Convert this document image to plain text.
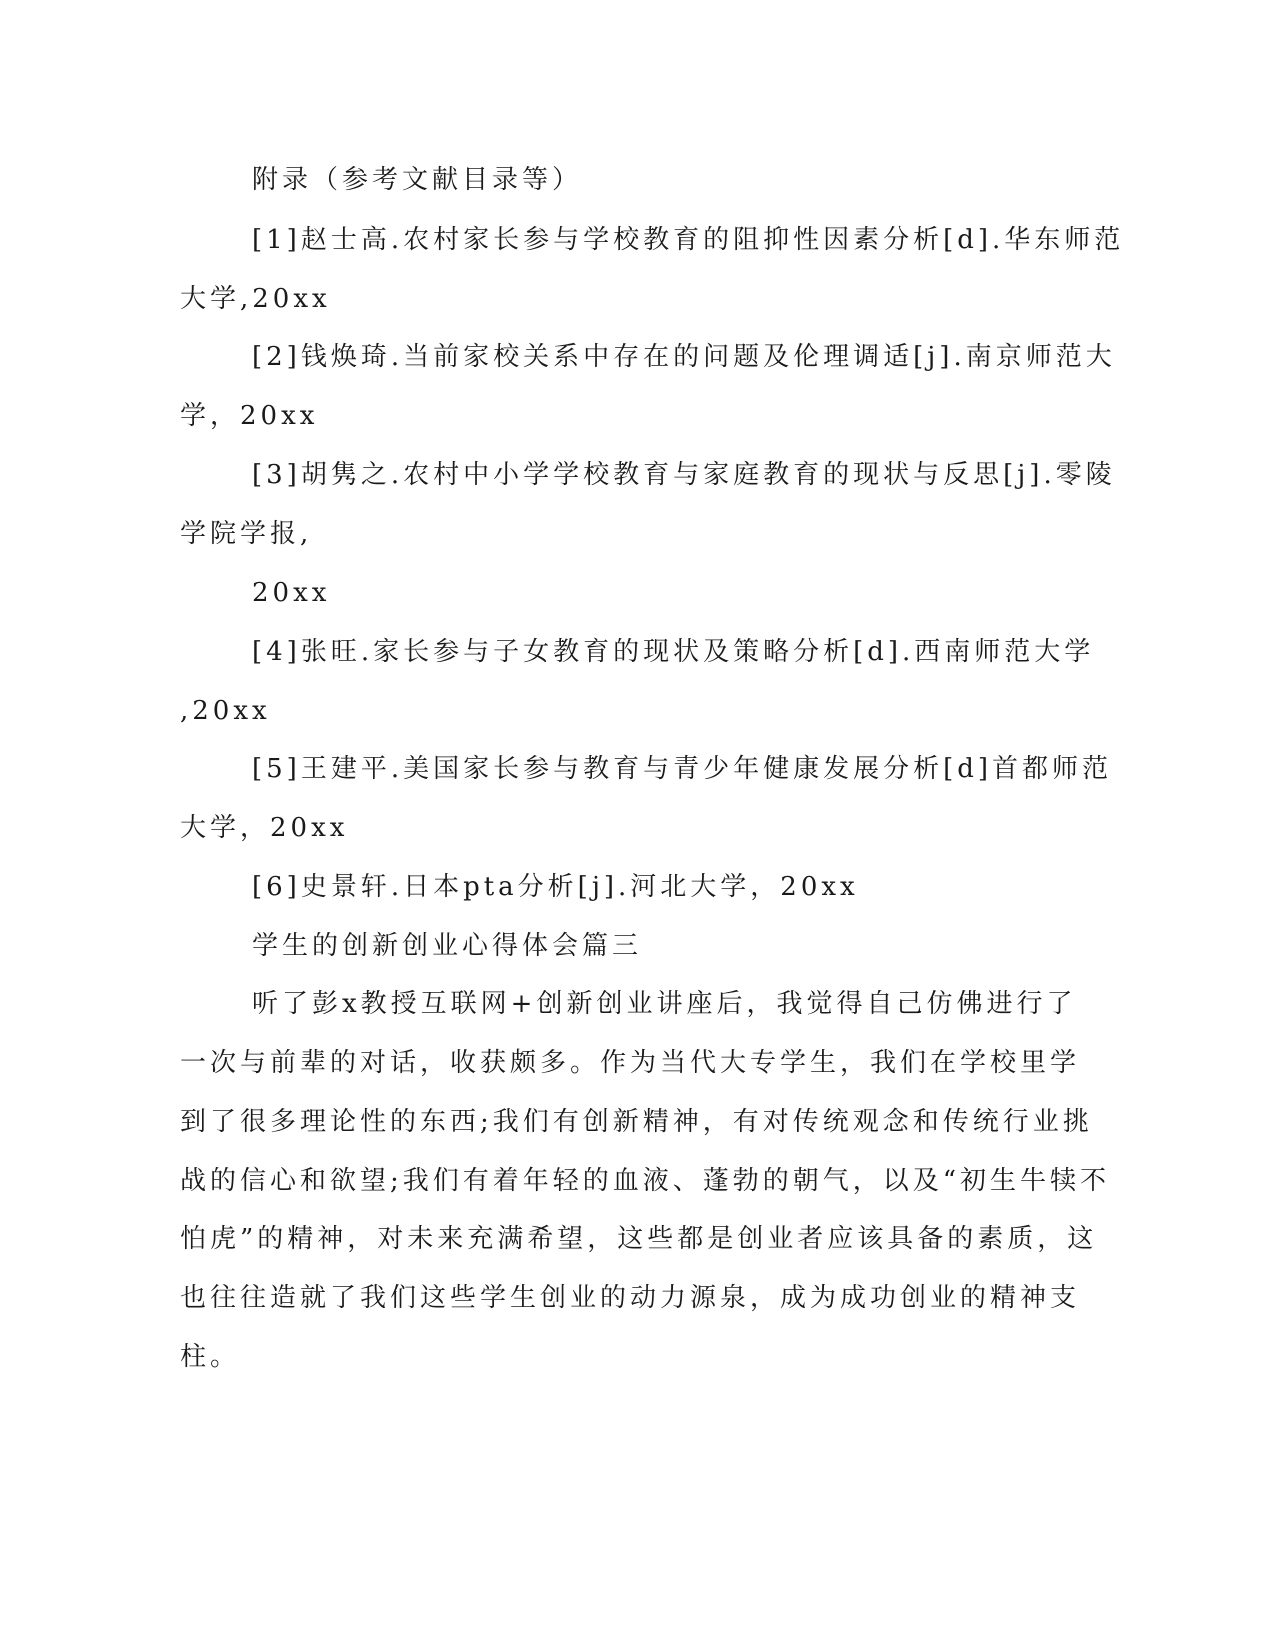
附录（参考文献目录等）
[1]赵士高.农村家长参与学校教育的阻抑性因素分析[d].华东师范
大学,20xx
[2]钱焕琦.当前家校关系中存在的问题及伦理调适[j].南京师范大
学，20xx
[3]胡隽之.农村中小学学校教育与家庭教育的现状与反思[j].零陵
学院学报,
20xx
[4]张旺.家长参与子女教育的现状及策略分析[d].西南师范大学
,20xx
[5]王建平.美国家长参与教育与青少年健康发展分析[d]首都师范
大学，20xx
[6]史景轩.日本pta分析[j].河北大学，20xx
学生的创新创业心得体会篇三
听了彭x教授互联网+创新创业讲座后，我觉得自己仿佛进行了
一次与前辈的对话，收获颇多。作为当代大专学生，我们在学校里学
到了很多理论性的东西;我们有创新精神，有对传统观念和传统行业挑
战的信心和欲望;我们有着年轻的血液、蓬勃的朝气，以及“初生牛犊不
怕虎”的精神，对未来充满希望，这些都是创业者应该具备的素质，这
也往往造就了我们这些学生创业的动力源泉，成为成功创业的精神支
柱。
